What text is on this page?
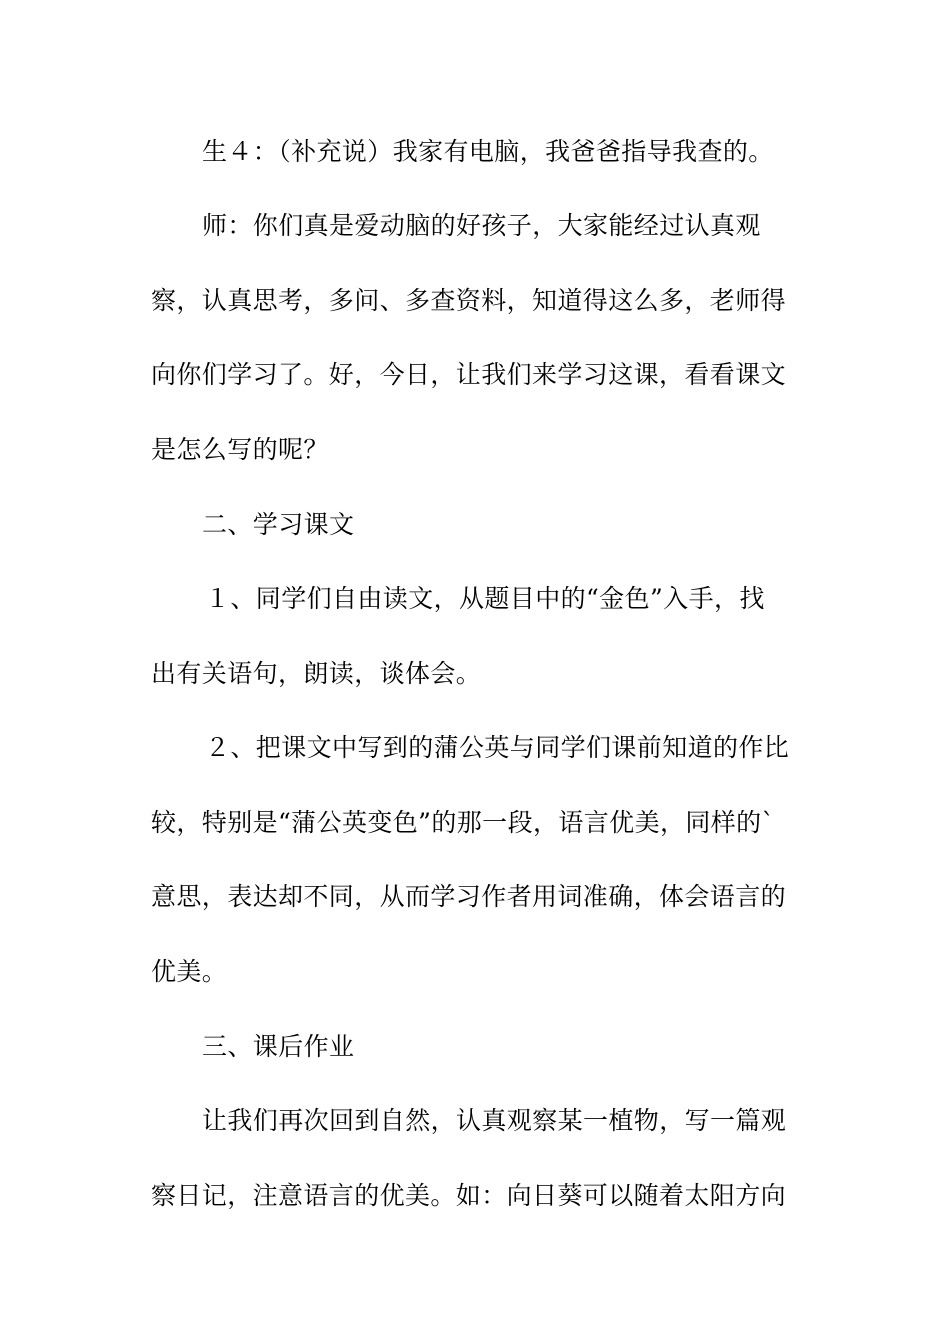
生４：（补充说）我家有电脑，我爸爸指导我查的。
师：你们真是爱动脑的好孩子，大家能经过认真观
察，认真思考，多问、多查资料，知道得这么多，老师得
向你们学习了。好，今日，让我们来学习这课，看看课文
是怎么写的呢？
二、学习课文
１、同学们自由读文，从题目中的“金色”入手，找
出有关语句，朗读，谈体会。
２、把课文中写到的蒲公英与同学们课前知道的作比
较，特别是“蒲公英变色”的那一段，语言优美，同样的`
意思，表达却不同，从而学习作者用词准确，体会语言的
优美。
三、课后作业
让我们再次回到自然，认真观察某一植物，写一篇观
察日记，注意语言的优美。如：向日葵可以随着太阳方向
